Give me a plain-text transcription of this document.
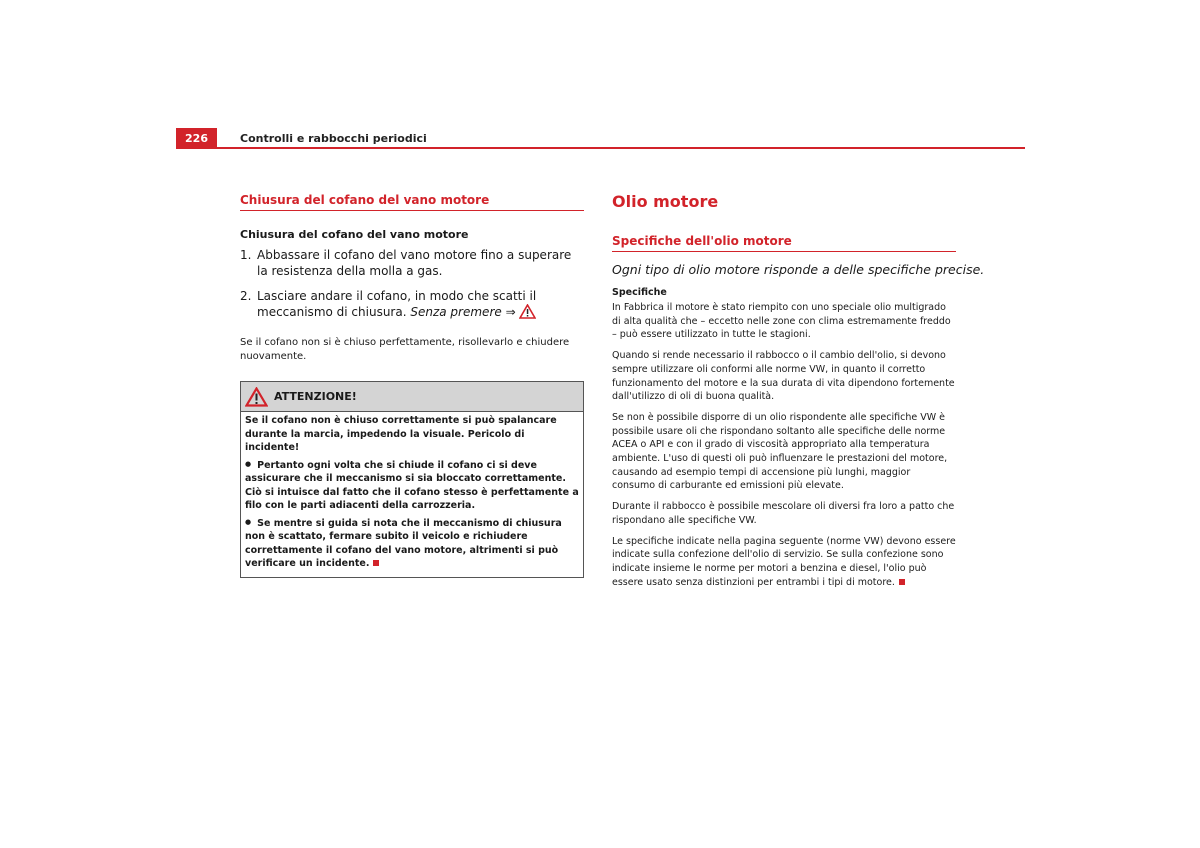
226	Controlli e rabbocchi periodici
Chiusura del cofano del vano motore
Chiusura del cofano del vano motore
1. Abbassare il cofano del vano motore fino a superare la resistenza della molla a gas.
2. Lasciare andare il cofano, in modo che scatti il meccanismo di chiusura. Senza premere ⇒

Se il cofano non si è chiuso perfettamente, risollevarlo e chiudere nuovamente.

ATTENZIONE!

Se il cofano non è chiuso correttamente si può spalancare durante la marcia, impedendo la visuale. Pericolo di incidente!

● Pertanto ogni volta che si chiude il cofano ci si deve assicurare che il meccanismo si sia bloccato correttamente. Ciò si intuisce dal fatto che il cofano stesso è perfettamente a filo con le parti adiacenti della carrozzeria.

● Se mentre si guida si nota che il meccanismo di chiusura non è scattato, fermare subito il veicolo e richiudere correttamente il cofano del vano motore, altrimenti si può verificare un incidente.

Olio motore
Specifiche dell'olio motore
Ogni tipo di olio motore risponde a delle specifiche precise.
Specifiche

In Fabbrica il motore è stato riempito con uno speciale olio multigrado di alta qualità che – eccetto nelle zone con clima estremamente freddo – può essere utilizzato in tutte le stagioni.

Quando si rende necessario il rabbocco o il cambio dell'olio, si devono sempre utilizzare oli conformi alle norme VW, in quanto il corretto funzionamento del motore e la sua durata di vita dipendono fortemente dall'utilizzo di oli di buona qualità.

Se non è possibile disporre di un olio rispondente alle specifiche VW è possibile usare oli che rispondano soltanto alle specifiche delle norme ACEA o API e con il grado di viscosità appropriato alla temperatura ambiente. L'uso di questi oli può influenzare le prestazioni del motore, causando ad esempio tempi di accensione più lunghi, maggior consumo di carburante ed emissioni più elevate.

Durante il rabbocco è possibile mescolare oli diversi fra loro a patto che rispondano alle specifiche VW.

Le specifiche indicate nella pagina seguente (norme VW) devono essere indicate sulla confezione dell'olio di servizio. Se sulla confezione sono indicate insieme le norme per motori a benzina e diesel, l'olio può essere usato senza distinzioni per entrambi i tipi di motore.
